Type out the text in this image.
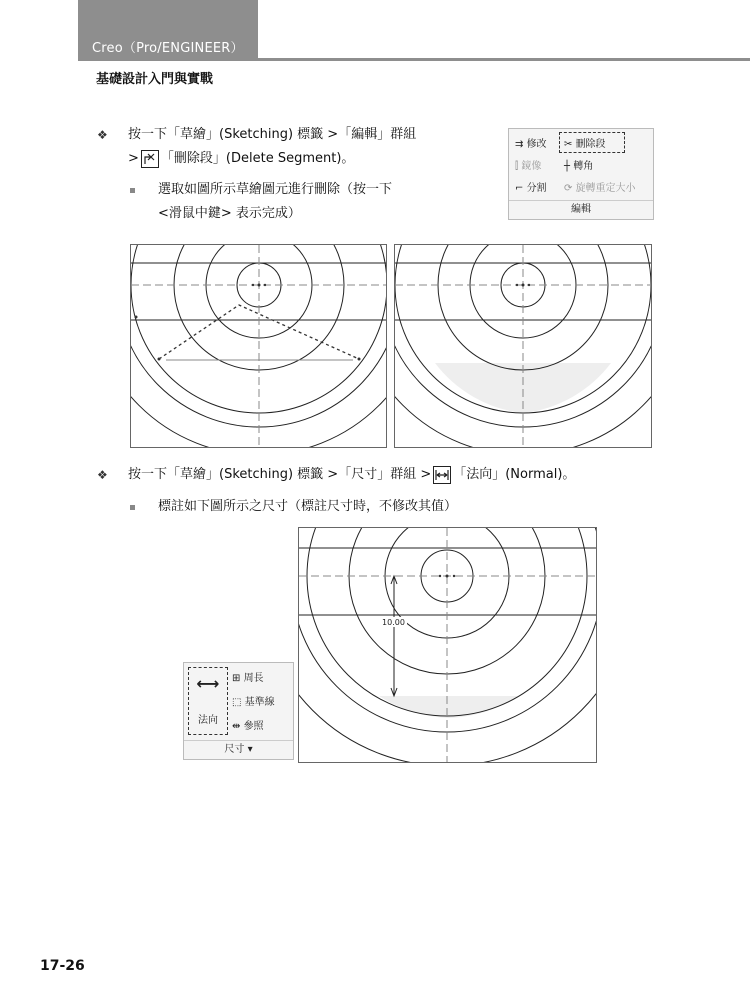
Creo（Pro/ENGINEER）
基礎設計入門與實戰
❖ 按一下「草繪」(Sketching) 標籤 >「編輯」群組
> 「刪除段」(Delete Segment)。
選取如圖所示草繪圖元進行刪除（按一下
<滑鼠中鍵> 表示完成）
⇉ 修改	✂ 刪除段
⫿ 鏡像 ┼ 轉角
⌐ 分割 ⟳ 旋轉重定大小
編輯
❖ 按一下「草繪」(Sketching) 標籤 >「尺寸」群組 > 「法向」(Normal)。
標註如下圖所示之尺寸（標註尺寸時，不修改其值）
10.00
⟷
法向
⊞ 周長
⬚ 基準線
⇹ 參照
尺寸 ▾
17-26
